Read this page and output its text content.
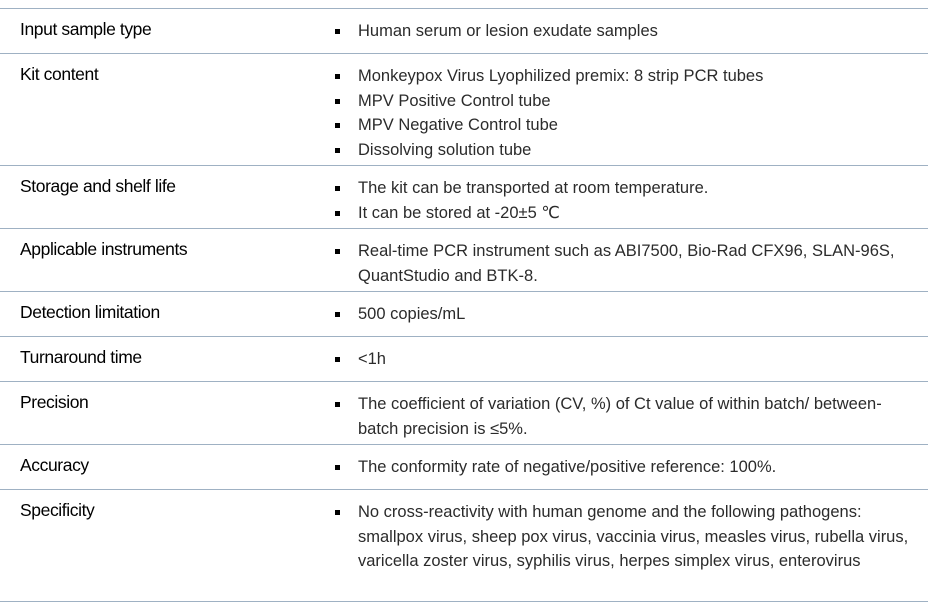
Input sample type	Human serum or lesion exudate samples
Kit content	Monkeypox Virus Lyophilized premix: 8 strip PCR tubes
MPV Positive Control tube
MPV Negative Control tube
Dissolving solution tube
Storage and shelf life	The kit can be transported at room temperature.
It can be stored at -20±5 ℃
Applicable instruments	Real-time PCR instrument such as ABI7500, Bio-Rad CFX96, SLAN-96S, QuantStudio and BTK-8.
Detection limitation	500 copies/mL
Turnaround time	<1h
Precision	The coefficient of variation (CV, %) of Ct value of within batch/ between-batch precision is ≤5%.
Accuracy	The conformity rate of negative/positive reference: 100%.
Specificity	No cross-reactivity with human genome and the following pathogens: smallpox virus, sheep pox virus, vaccinia virus, measles virus, rubella virus, varicella zoster virus, syphilis virus, herpes simplex virus, enterovirus
